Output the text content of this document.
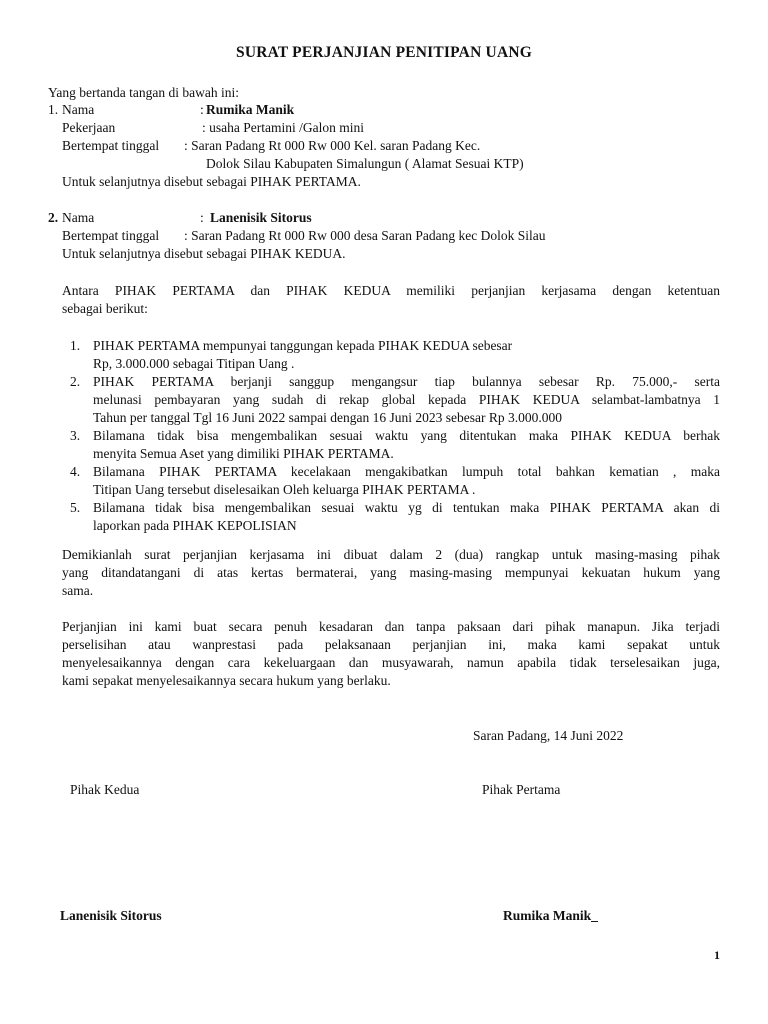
SURAT PERJANJIAN PENITIPAN UANG
Yang bertanda tangan di bawah ini:
1. Nama	: Rumika Manik
Pekerjaan	: usaha Pertamini /Galon mini
Bertempat tinggal : Saran Padang Rt 000 Rw 000 Kel. saran Padang Kec.
Dolok Silau Kabupaten Simalungun ( Alamat Sesuai KTP)
Untuk selanjutnya disebut sebagai PIHAK PERTAMA.
2. Nama	: Lanenisik Sitorus
Bertempat tinggal : Saran Padang Rt 000 Rw 000 desa Saran Padang kec Dolok Silau
Untuk selanjutnya disebut sebagai PIHAK KEDUA.
Antara PIHAK PERTAMA dan PIHAK KEDUA memiliki perjanjian kerjasama dengan ketentuan
sebagai berikut:
1. PIHAK PERTAMA mempunyai tanggungan kepada PIHAK KEDUA sebesar
Rp, 3.000.000 sebagai Titipan Uang .
2. PIHAK PERTAMA berjanji sanggup mengangsur tiap bulannya sebesar Rp. 75.000,- serta
melunasi pembayaran yang sudah di rekap global kepada PIHAK KEDUA selambat-lambatnya 1
Tahun per tanggal Tgl 16 Juni 2022 sampai dengan 16 Juni 2023 sebesar Rp 3.000.000
3. Bilamana tidak bisa mengembalikan sesuai waktu yang ditentukan maka PIHAK KEDUA berhak
menyita Semua Aset yang dimiliki PIHAK PERTAMA.
4. Bilamana PIHAK PERTAMA kecelakaan mengakibatkan lumpuh total bahkan kematian , maka
Titipan Uang tersebut diselesaikan Oleh keluarga PIHAK PERTAMA .
5. Bilamana tidak bisa mengembalikan sesuai waktu yg di tentukan maka PIHAK PERTAMA akan di
laporkan pada PIHAK KEPOLISIAN
Demikianlah surat perjanjian kerjasama ini dibuat dalam 2 (dua) rangkap untuk masing-masing pihak
yang ditandatangani di atas kertas bermaterai, yang masing-masing mempunyai kekuatan hukum yang
sama.
Perjanjian ini kami buat secara penuh kesadaran dan tanpa paksaan dari pihak manapun. Jika terjadi
perselisihan atau wanprestasi pada pelaksanaan perjanjian ini, maka kami sepakat untuk
menyelesaikannya dengan cara kekeluargaan dan musyawarah, namun apabila tidak terselesaikan juga,
kami sepakat menyelesaikannya secara hukum yang berlaku.
Saran Padang, 14 Juni 2022
Pihak Kedua	Pihak Pertama
Lanenisik Sitorus	Rumika Manik_
1
